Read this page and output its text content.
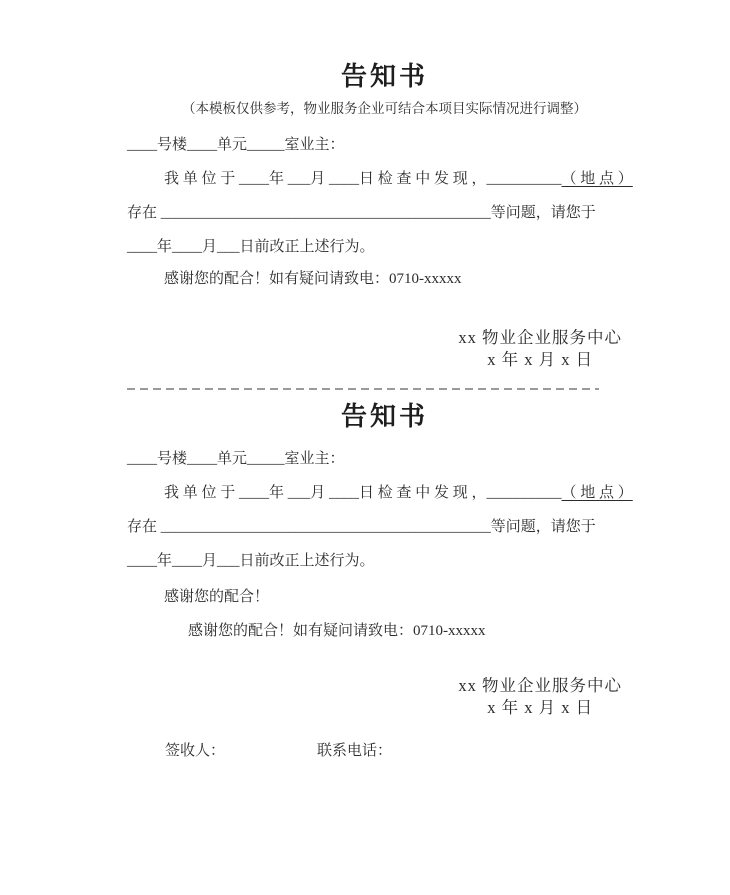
告知书

（本模板仅供参考，物业服务企业可结合本项目实际情况进行调整）

____号楼____单元_____室业主：

我 单 位 于 ____年 ___月 ____日 检 查 中 发 现 ，__________（ 地 点 ）

存在 ____________________________________________等问题，请您于

____年____月___日前改正上述行为。

感谢您的配合！如有疑问请致电：0710-xxxxx

xx 物业企业服务中心
x 年 x 月 x 日
告知书

____号楼____单元_____室业主：

我 单 位 于 ____年 ___月 ____日 检 查 中 发 现 ，__________（ 地 点 ）

存在 ____________________________________________等问题，请您于

____年____月___日前改正上述行为。

感谢您的配合！

感谢您的配合！如有疑问请致电：0710-xxxxx

xx 物业企业服务中心
x 年 x 月 x 日

签收人：	联系电话：
